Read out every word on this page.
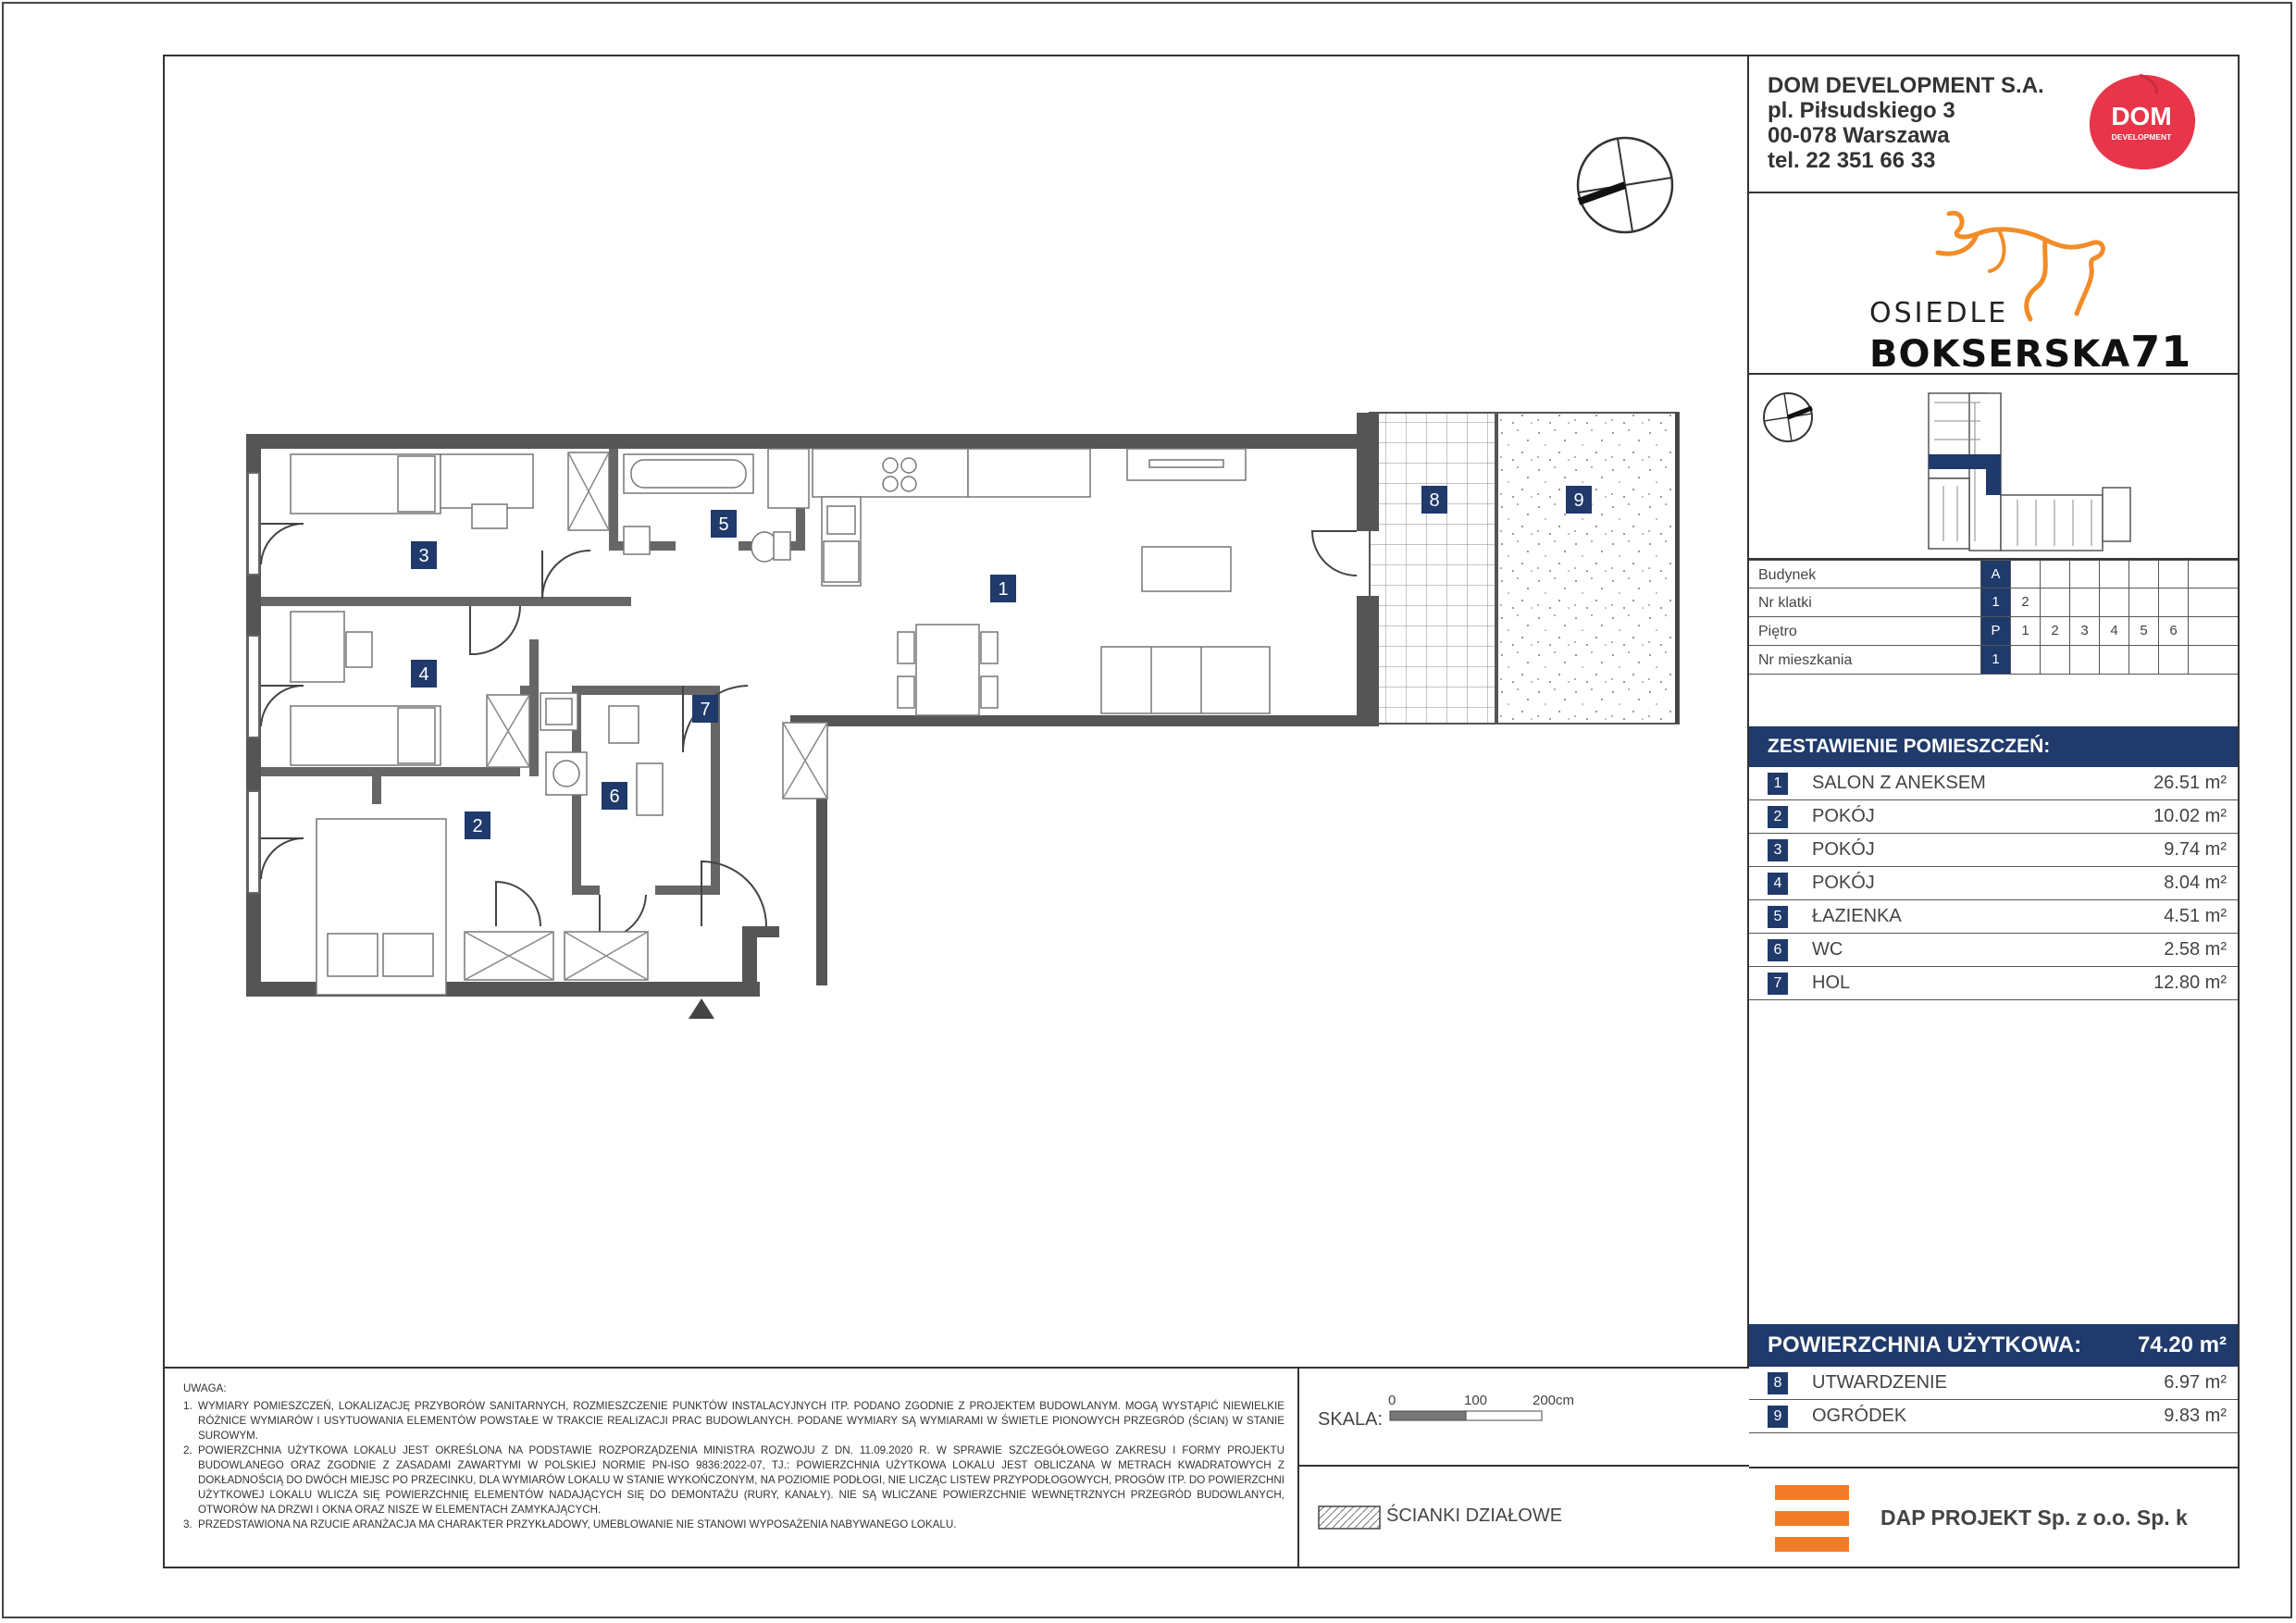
1
2
3
4
5
6
7
8	9
UWAGA:
1. WYMIARY POMIESZCZEŃ, LOKALIZACJĘ PRZYBORÓW SANITARNYCH, ROZMIESZCZENIE PUNKTÓW INSTALACYJNYCH ITP. PODANO ZGODNIE Z PROJEKTEM BUDOWLANYM. MOGĄ WYSTĄPIĆ NIEWIELKIE RÓŻNICE WYMIARÓW I USYTUOWANIA ELEMENTÓW POWSTAŁE W TRAKCIE REALIZACJI PRAC BUDOWLANYCH. PODANE WYMIARY SĄ WYMIARAMI W ŚWIETLE PIONOWYCH PRZEGRÓD (ŚCIAN) W STANIE SUROWYM.
2. POWIERZCHNIA UŻYTKOWA LOKALU JEST OKREŚLONA NA PODSTAWIE ROZPORZĄDZENIA MINISTRA ROZWOJU Z DN. 11.09.2020 R. W SPRAWIE SZCZEGÓŁOWEGO ZAKRESU I FORMY PROJEKTU BUDOWLANEGO ORAZ ZGODNIE Z ZASADAMI ZAWARTYMI W POLSKIEJ NORMIE PN-ISO 9836:2022-07, TJ.: POWIERZCHNIA UŻYTKOWA LOKALU JEST OBLICZANA W METRACH KWADRATOWYCH Z DOKŁADNOŚCIĄ DO DWÓCH MIEJSC PO PRZECINKU, DLA WYMIARÓW LOKALU W STANIE WYKOŃCZONYM, NA POZIOMIE PODŁOGI, NIE LICZĄC LISTEW PRZYPODŁOGOWYCH, PROGÓW ITP. DO POWIERZCHNI UŻYTKOWEJ LOKALU WLICZA SIĘ POWIERZCHNIĘ ELEMENTÓW NADAJĄCYCH SIĘ DO DEMONTAŻU (RURY, KANAŁY). NIE SĄ WLICZANE POWIERZCHNIE WEWNĘTRZNYCH PRZEGRÓD BUDOWLANYCH, OTWORÓW NA DRZWI I OKNA ORAZ NISZE W ELEMENTACH ZAMYKAJĄCYCH.
3. PRZEDSTAWIONA NA RZUCIE ARANŻACJA MA CHARAKTER PRZYKŁADOWY, UMEBLOWANIE NIE STANOWI WYPOSAŻENIA NABYWANEGO LOKALU.
SKALA:
0	100	200cm
ŚCIANKI DZIAŁOWE
DOM DEVELOPMENT S.A.
pl. Piłsudskiego 3
00-078 Warszawa
tel. 22 351 66 33
DOM
DEVELOPMENT
OSIEDLE
BOKSERSKA71
Budynek	A
Nr klatki	1	2
Piętro	P	1	2	3	4	5	6
Nr mieszkania	1
ZESTAWIENIE POMIESZCZEŃ:
1	SALON Z ANEKSEM	26.51 m²
2	POKÓJ	10.02 m²
3	POKÓJ	9.74 m²
4	POKÓJ	8.04 m²
5	ŁAZIENKA	4.51 m²
6	WC	2.58 m²
7	HOL	12.80 m²
POWIERZCHNIA UŻYTKOWA:	74.20 m²
8	UTWARDZENIE	6.97 m²
9	OGRÓDEK	9.83 m²
DAP PROJEKT Sp. z o.o. Sp. k
